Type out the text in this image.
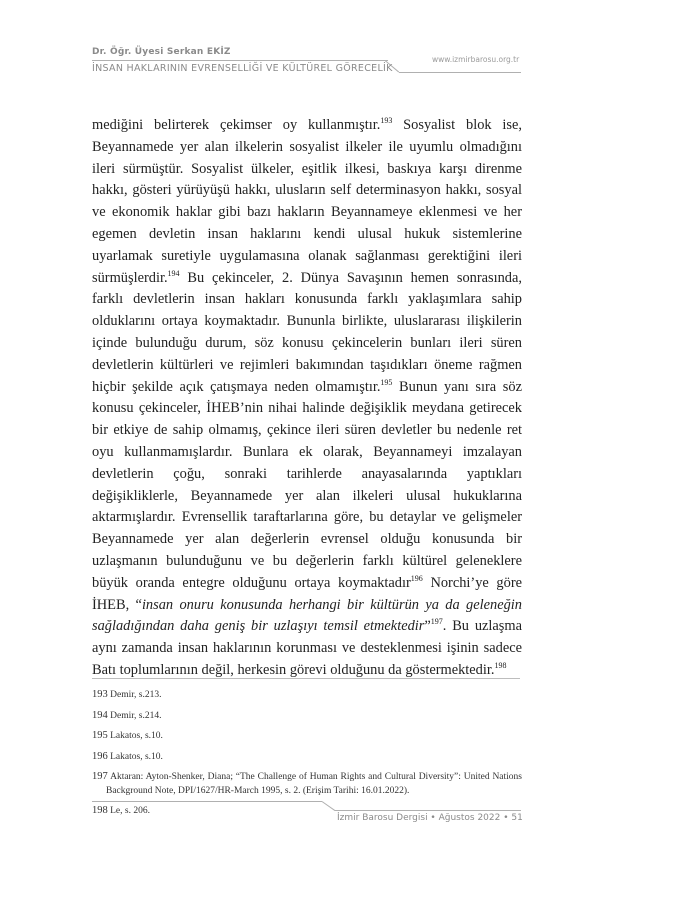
Dr. Öğr. Üyesi Serkan EKİZ
İNSAN HAKLARININ EVRENSELLİĞİ VE KÜLTÜREL GÖRECELİK
www.izmirbarosu.org.tr

mediğini belirterek çekimser oy kullanmıştır.$^{193}$ Sosyalist blok ise, Beyannamede yer alan ilkelerin sosyalist ilkeler ile uyumlu olmadığını ileri sürmüştür. Sosyalist ülkeler, eşitlik ilkesi, baskıya karşı direnme hakkı, gösteri yürüyüşü hakkı, ulusların self determinasyon hakkı, sosyal ve ekonomik haklar gibi bazı hakların Beyannameye eklenmesi ve her egemen devletin insan haklarını kendi ulusal hukuk sistemlerine uyarlamak suretiyle uygulamasına olanak sağlanması gerektiğini ileri sürmüşlerdir.$^{194}$ Bu çekinceler, 2. Dünya Savaşının hemen sonrasında, farklı devletlerin insan hakları konusunda farklı yaklaşımlara sahip olduklarını ortaya koymaktadır. Bununla birlikte, uluslararası ilişkilerin içinde bulunduğu durum, söz konusu çekincelerin bunları ileri süren devletlerin kültürleri ve rejimleri bakımından taşıdıkları öneme rağmen hiçbir şekilde açık çatışmaya neden olmamıştır.$^{195}$ Bunun yanı sıra söz konusu çekinceler, İHEB’nin nihai halinde değişiklik meydana getirecek bir etkiye de sahip olmamış, çekince ileri süren devletler bu nedenle ret oyu kullanmamışlardır. Bunlara ek olarak, Beyannameyi imzalayan devletlerin çoğu, sonraki tarihlerde anayasalarında yaptıkları değişikliklerle, Beyannamede yer alan ilkeleri ulusal hukuklarına aktarmışlardır. Evrensellik taraftarlarına göre, bu detaylar ve gelişmeler Beyannamede yer alan değerlerin evrensel olduğu konusunda bir uzlaşmanın bulunduğunu ve bu değerlerin farklı kültürel geleneklere büyük oranda entegre olduğunu ortaya koymaktadır$^{196}$ Norchi’ye göre İHEB, “insan onuru konusunda herhangi bir kültürün ya da geleneğin sağladığından daha geniş bir uzlaşıyı temsil etmektedir”$^{197}$. Bu uzlaşma aynı zamanda insan haklarının korunması ve desteklenmesi işinin sadece Batı toplumlarının değil, herkesin görevi olduğunu da göstermektedir.$^{198}$

193 Demir, s.213.

194 Demir, s.214.

195 Lakatos, s.10.

196 Lakatos, s.10.

197 Aktaran: Ayton-Shenker, Diana; “The Challenge of Human Rights and Cultural Diversity”: United Nations Background Note, DPI/1627/HR-March 1995, s. 2. (Erişim Tarihi: 16.01.2022).

198 Le, s. 206.

İzmir Barosu Dergisi • Ağustos 2022 • 51
